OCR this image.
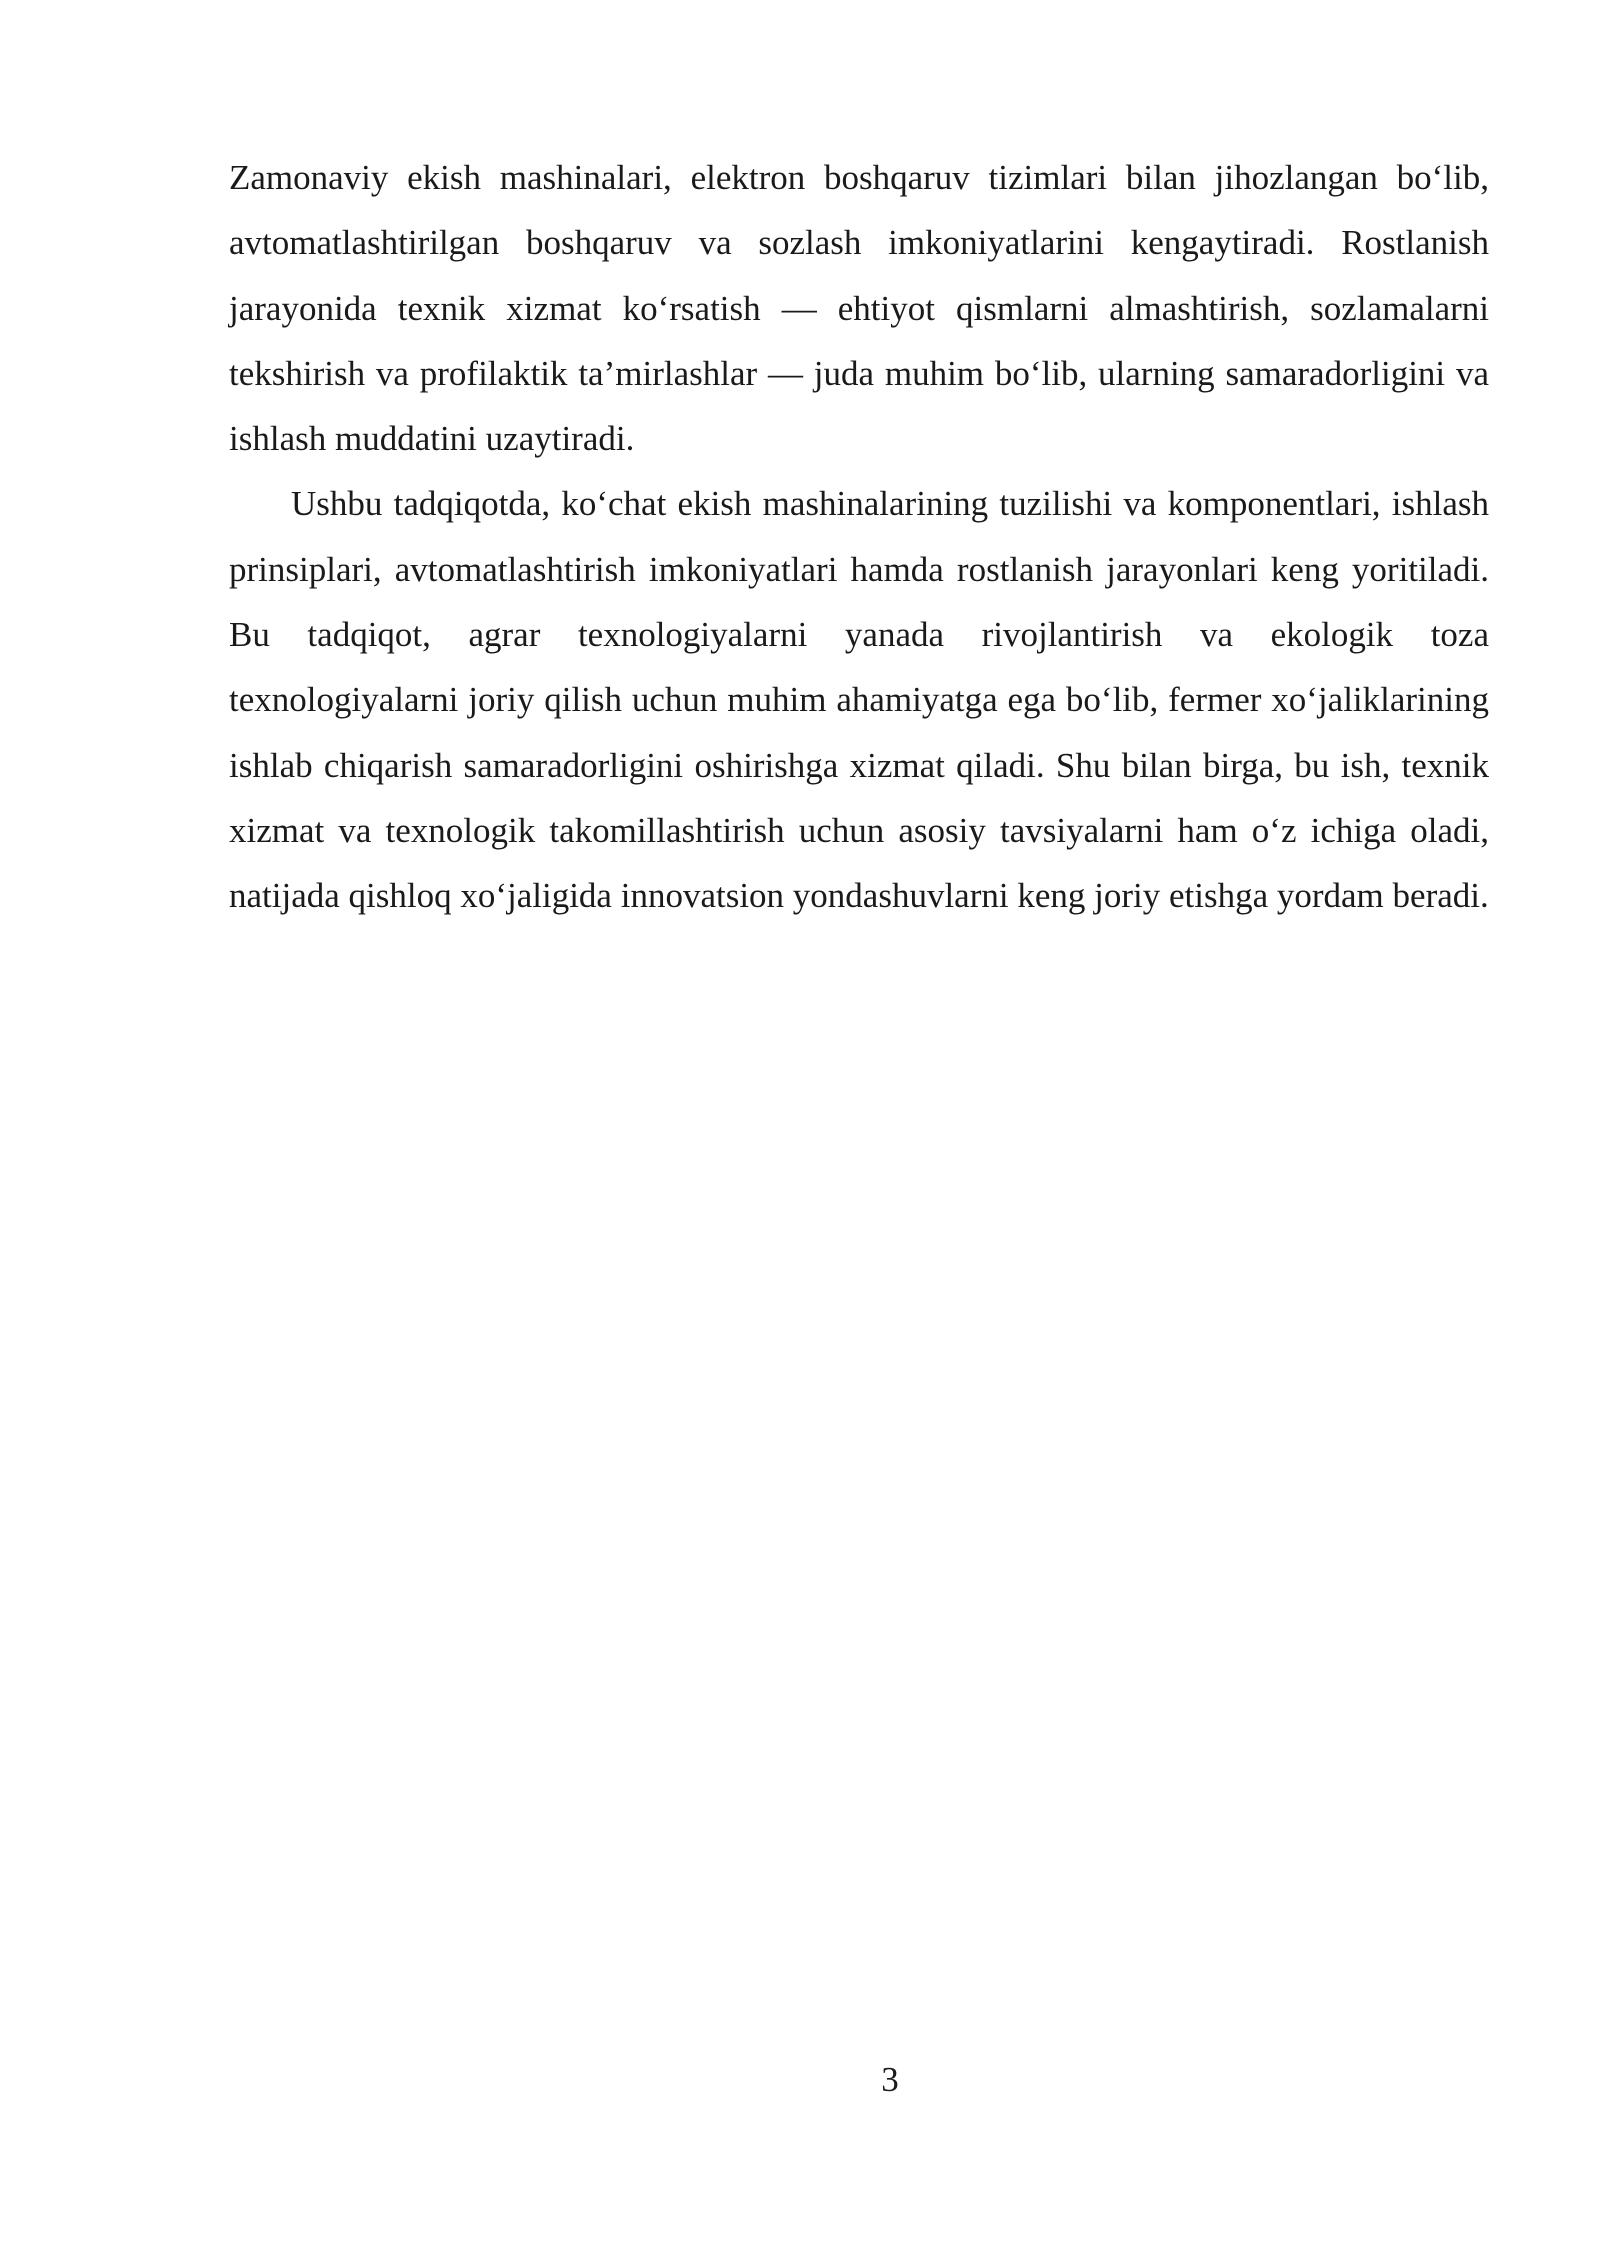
Zamonaviy ekish mashinalari, elektron boshqaruv tizimlari bilan jihozlangan bo‘lib, avtomatlashtirilgan boshqaruv va sozlash imkoniyatlarini kengaytiradi. Rostlanish jarayonida texnik xizmat ko‘rsatish — ehtiyot qismlarni almashtirish, sozlamalarni tekshirish va profilaktik ta’mirlashlar — juda muhim bo‘lib, ularning samaradorligini va ishlash muddatini uzaytiradi.

Ushbu tadqiqotda, ko‘chat ekish mashinalarining tuzilishi va komponentlari, ishlash prinsiplari, avtomatlashtirish imkoniyatlari hamda rostlanish jarayonlari keng yoritiladi. Bu tadqiqot, agrar texnologiyalarni yanada rivojlantirish va ekologik toza texnologiyalarni joriy qilish uchun muhim ahamiyatga ega bo‘lib, fermer xo‘jaliklarining ishlab chiqarish samaradorligini oshirishga xizmat qiladi. Shu bilan birga, bu ish, texnik xizmat va texnologik takomillashtirish uchun asosiy tavsiyalarni ham o‘z ichiga oladi, natijada qishloq xo‘jaligida innovatsion yondashuvlarni keng joriy etishga yordam beradi.

3
